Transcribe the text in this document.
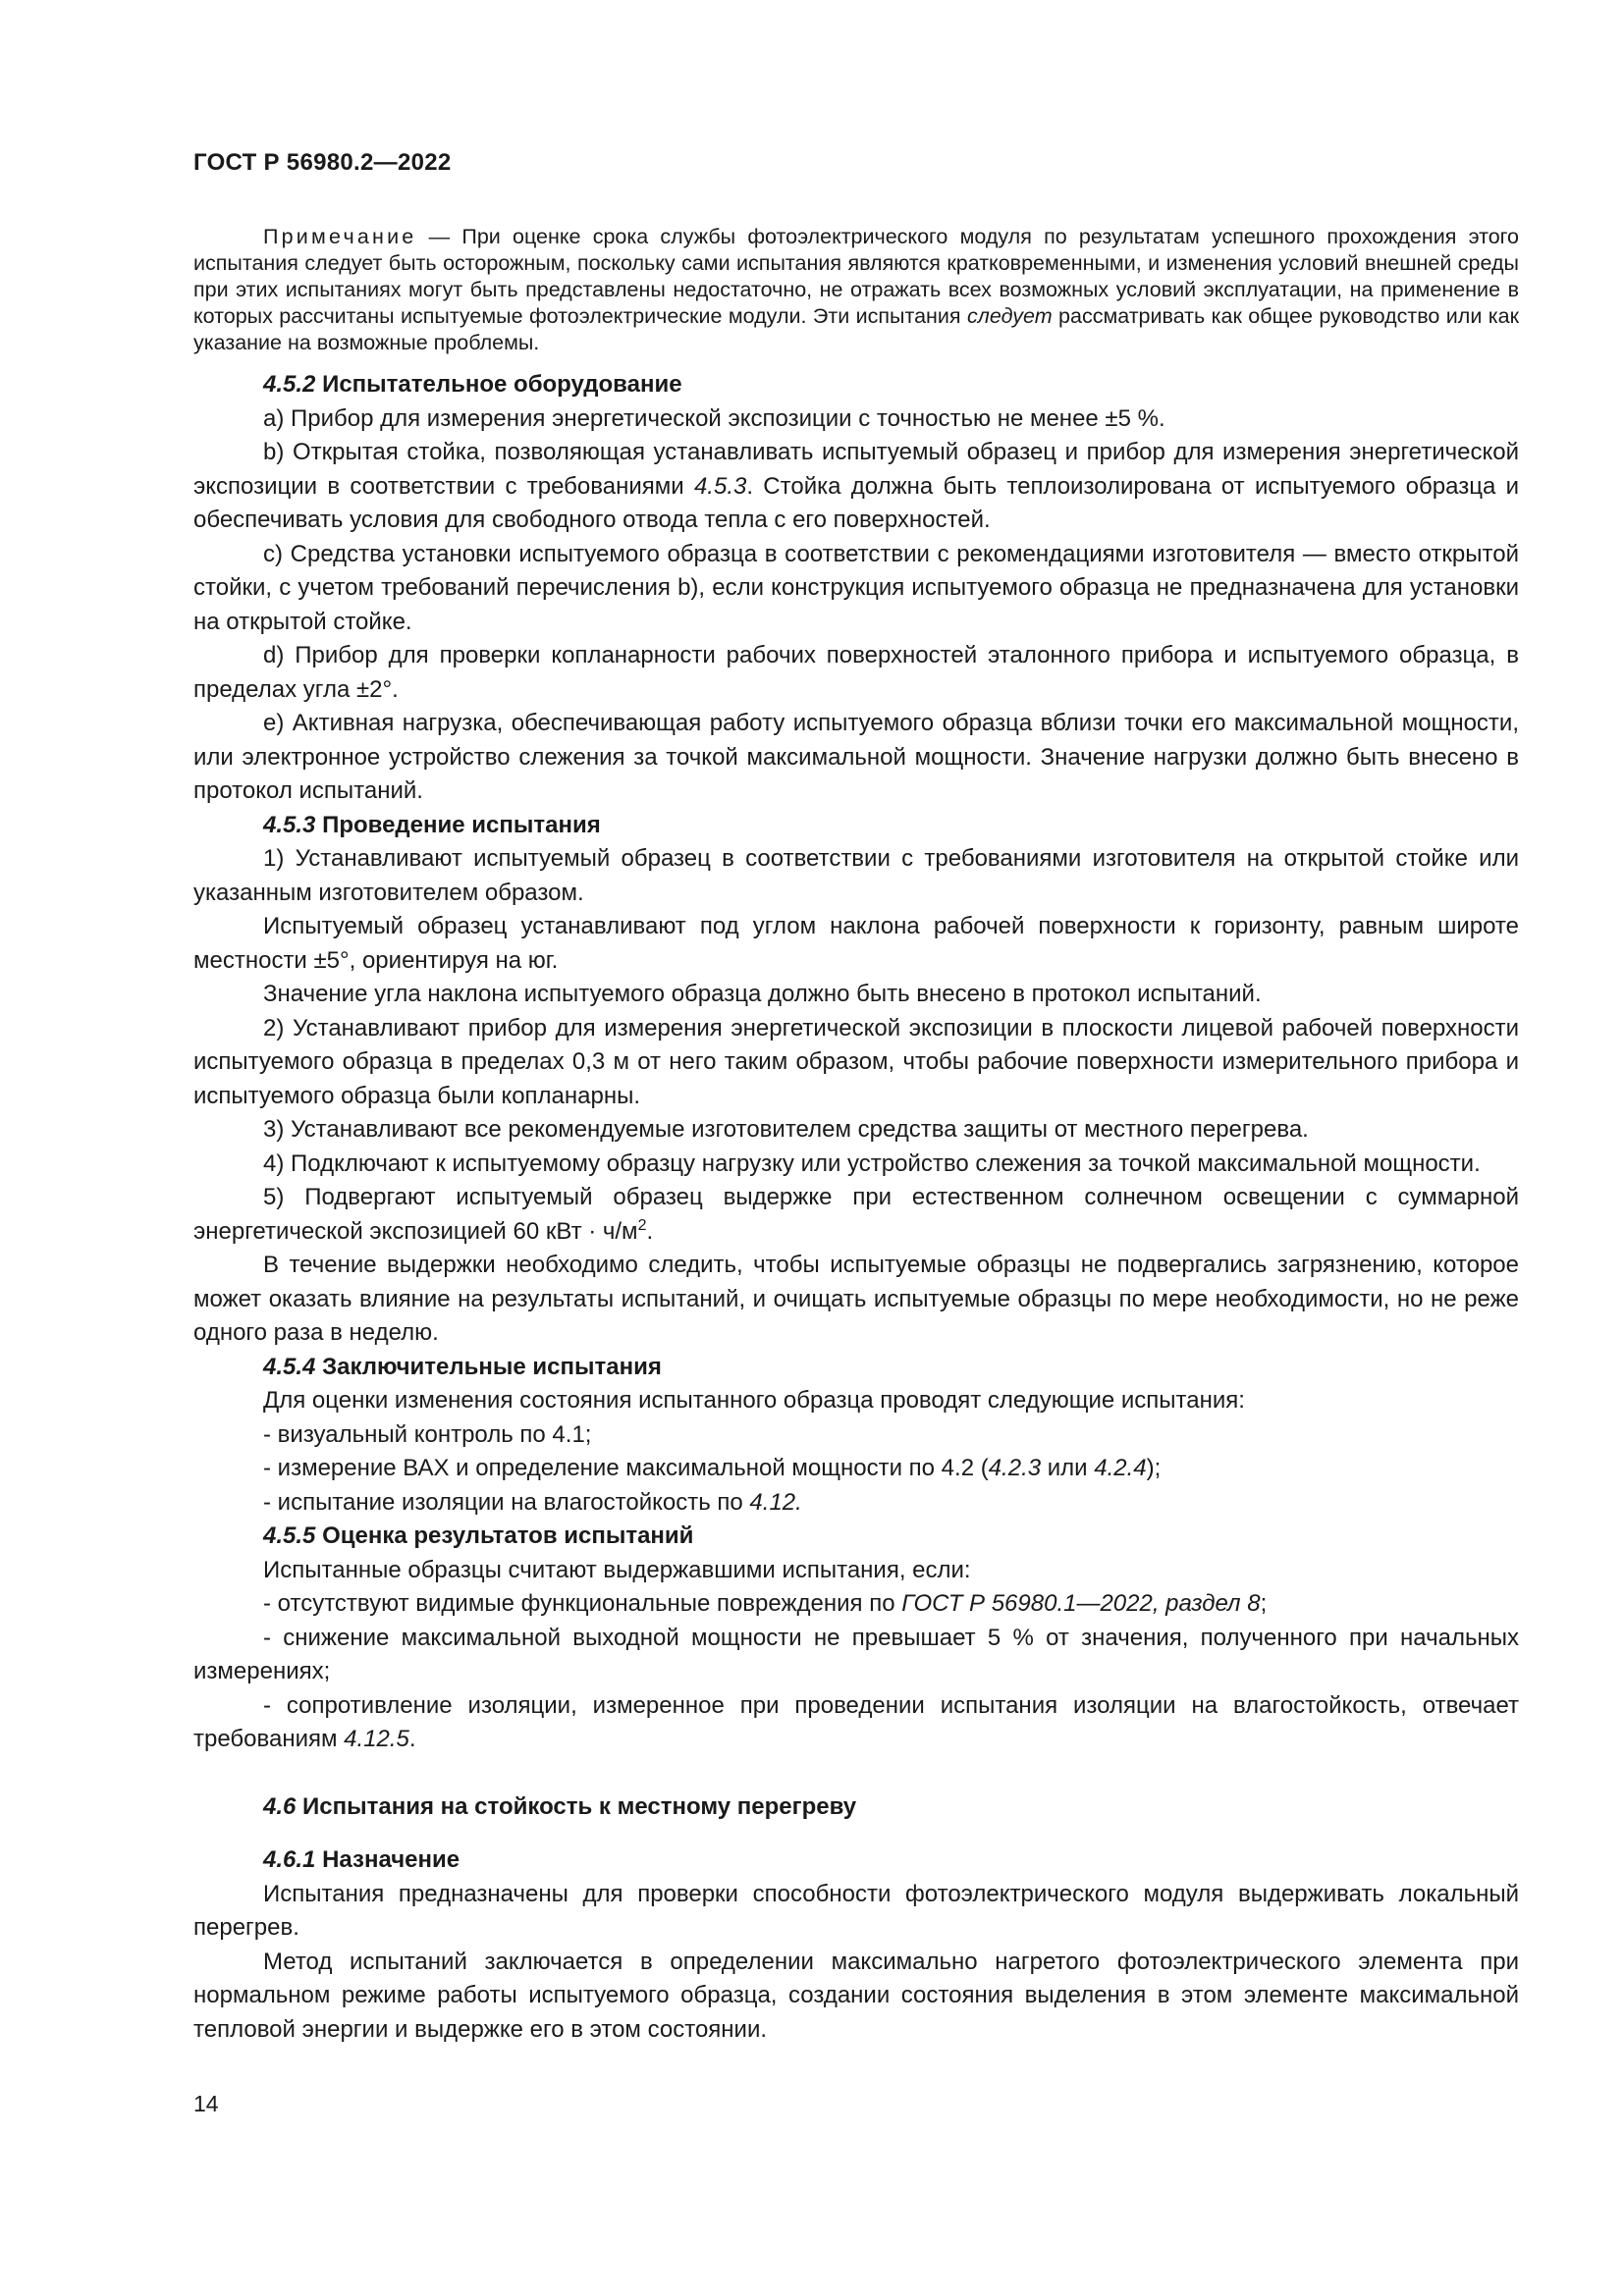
ГОСТ Р 56980.2—2022

Примечание — При оценке срока службы фотоэлектрического модуля по результатам успешного прохождения этого испытания следует быть осторожным, поскольку сами испытания являются кратковременными, и изменения условий внешней среды при этих испытаниях могут быть представлены недостаточно, не отражать всех возможных условий эксплуатации, на применение в которых рассчитаны испытуемые фотоэлектрические модули. Эти испытания следует рассматривать как общее руководство или как указание на возможные проблемы.

4.5.2 Испытательное оборудование

а) Прибор для измерения энергетической экспозиции с точностью не менее ±5 %.

b) Открытая стойка, позволяющая устанавливать испытуемый образец и прибор для измерения энергетической экспозиции в соответствии с требованиями 4.5.3. Стойка должна быть теплоизолирована от испытуемого образца и обеспечивать условия для свободного отвода тепла с его поверхностей.

с) Средства установки испытуемого образца в соответствии с рекомендациями изготовителя — вместо открытой стойки, с учетом требований перечисления b), если конструкция испытуемого образца не предназначена для установки на открытой стойке.

d) Прибор для проверки копланарности рабочих поверхностей эталонного прибора и испытуемого образца, в пределах угла ±2°.

е) Активная нагрузка, обеспечивающая работу испытуемого образца вблизи точки его максимальной мощности, или электронное устройство слежения за точкой максимальной мощности. Значение нагрузки должно быть внесено в протокол испытаний.

4.5.3 Проведение испытания

1) Устанавливают испытуемый образец в соответствии с требованиями изготовителя на открытой стойке или указанным изготовителем образом.

Испытуемый образец устанавливают под углом наклона рабочей поверхности к горизонту, равным широте местности ±5°, ориентируя на юг.

Значение угла наклона испытуемого образца должно быть внесено в протокол испытаний.

2) Устанавливают прибор для измерения энергетической экспозиции в плоскости лицевой рабочей поверхности испытуемого образца в пределах 0,3 м от него таким образом, чтобы рабочие поверхности измерительного прибора и испытуемого образца были копланарны.

3) Устанавливают все рекомендуемые изготовителем средства защиты от местного перегрева.

4) Подключают к испытуемому образцу нагрузку или устройство слежения за точкой максимальной мощности.

5) Подвергают испытуемый образец выдержке при естественном солнечном освещении с суммарной энергетической экспозицией 60 кВт · $ч/м^2$.

В течение выдержки необходимо следить, чтобы испытуемые образцы не подвергались загрязнению, которое может оказать влияние на результаты испытаний, и очищать испытуемые образцы по мере необходимости, но не реже одного раза в неделю.

4.5.4 Заключительные испытания

Для оценки изменения состояния испытанного образца проводят следующие испытания:

- визуальный контроль по 4.1;

- измерение ВАХ и определение максимальной мощности по 4.2 (4.2.3 или 4.2.4);

- испытание изоляции на влагостойкость по 4.12.

4.5.5 Оценка результатов испытаний

Испытанные образцы считают выдержавшими испытания, если:

- отсутствуют видимые функциональные повреждения по ГОСТ Р 56980.1—2022, раздел 8;

- снижение максимальной выходной мощности не превышает 5 % от значения, полученного при начальных измерениях;

- сопротивление изоляции, измеренное при проведении испытания изоляции на влагостойкость, отвечает требованиям 4.12.5.

4.6 Испытания на стойкость к местному перегреву

4.6.1 Назначение

Испытания предназначены для проверки способности фотоэлектрического модуля выдерживать локальный перегрев.

Метод испытаний заключается в определении максимально нагретого фотоэлектрического элемента при нормальном режиме работы испытуемого образца, создании состояния выделения в этом элементе максимальной тепловой энергии и выдержке его в этом состоянии.

14
